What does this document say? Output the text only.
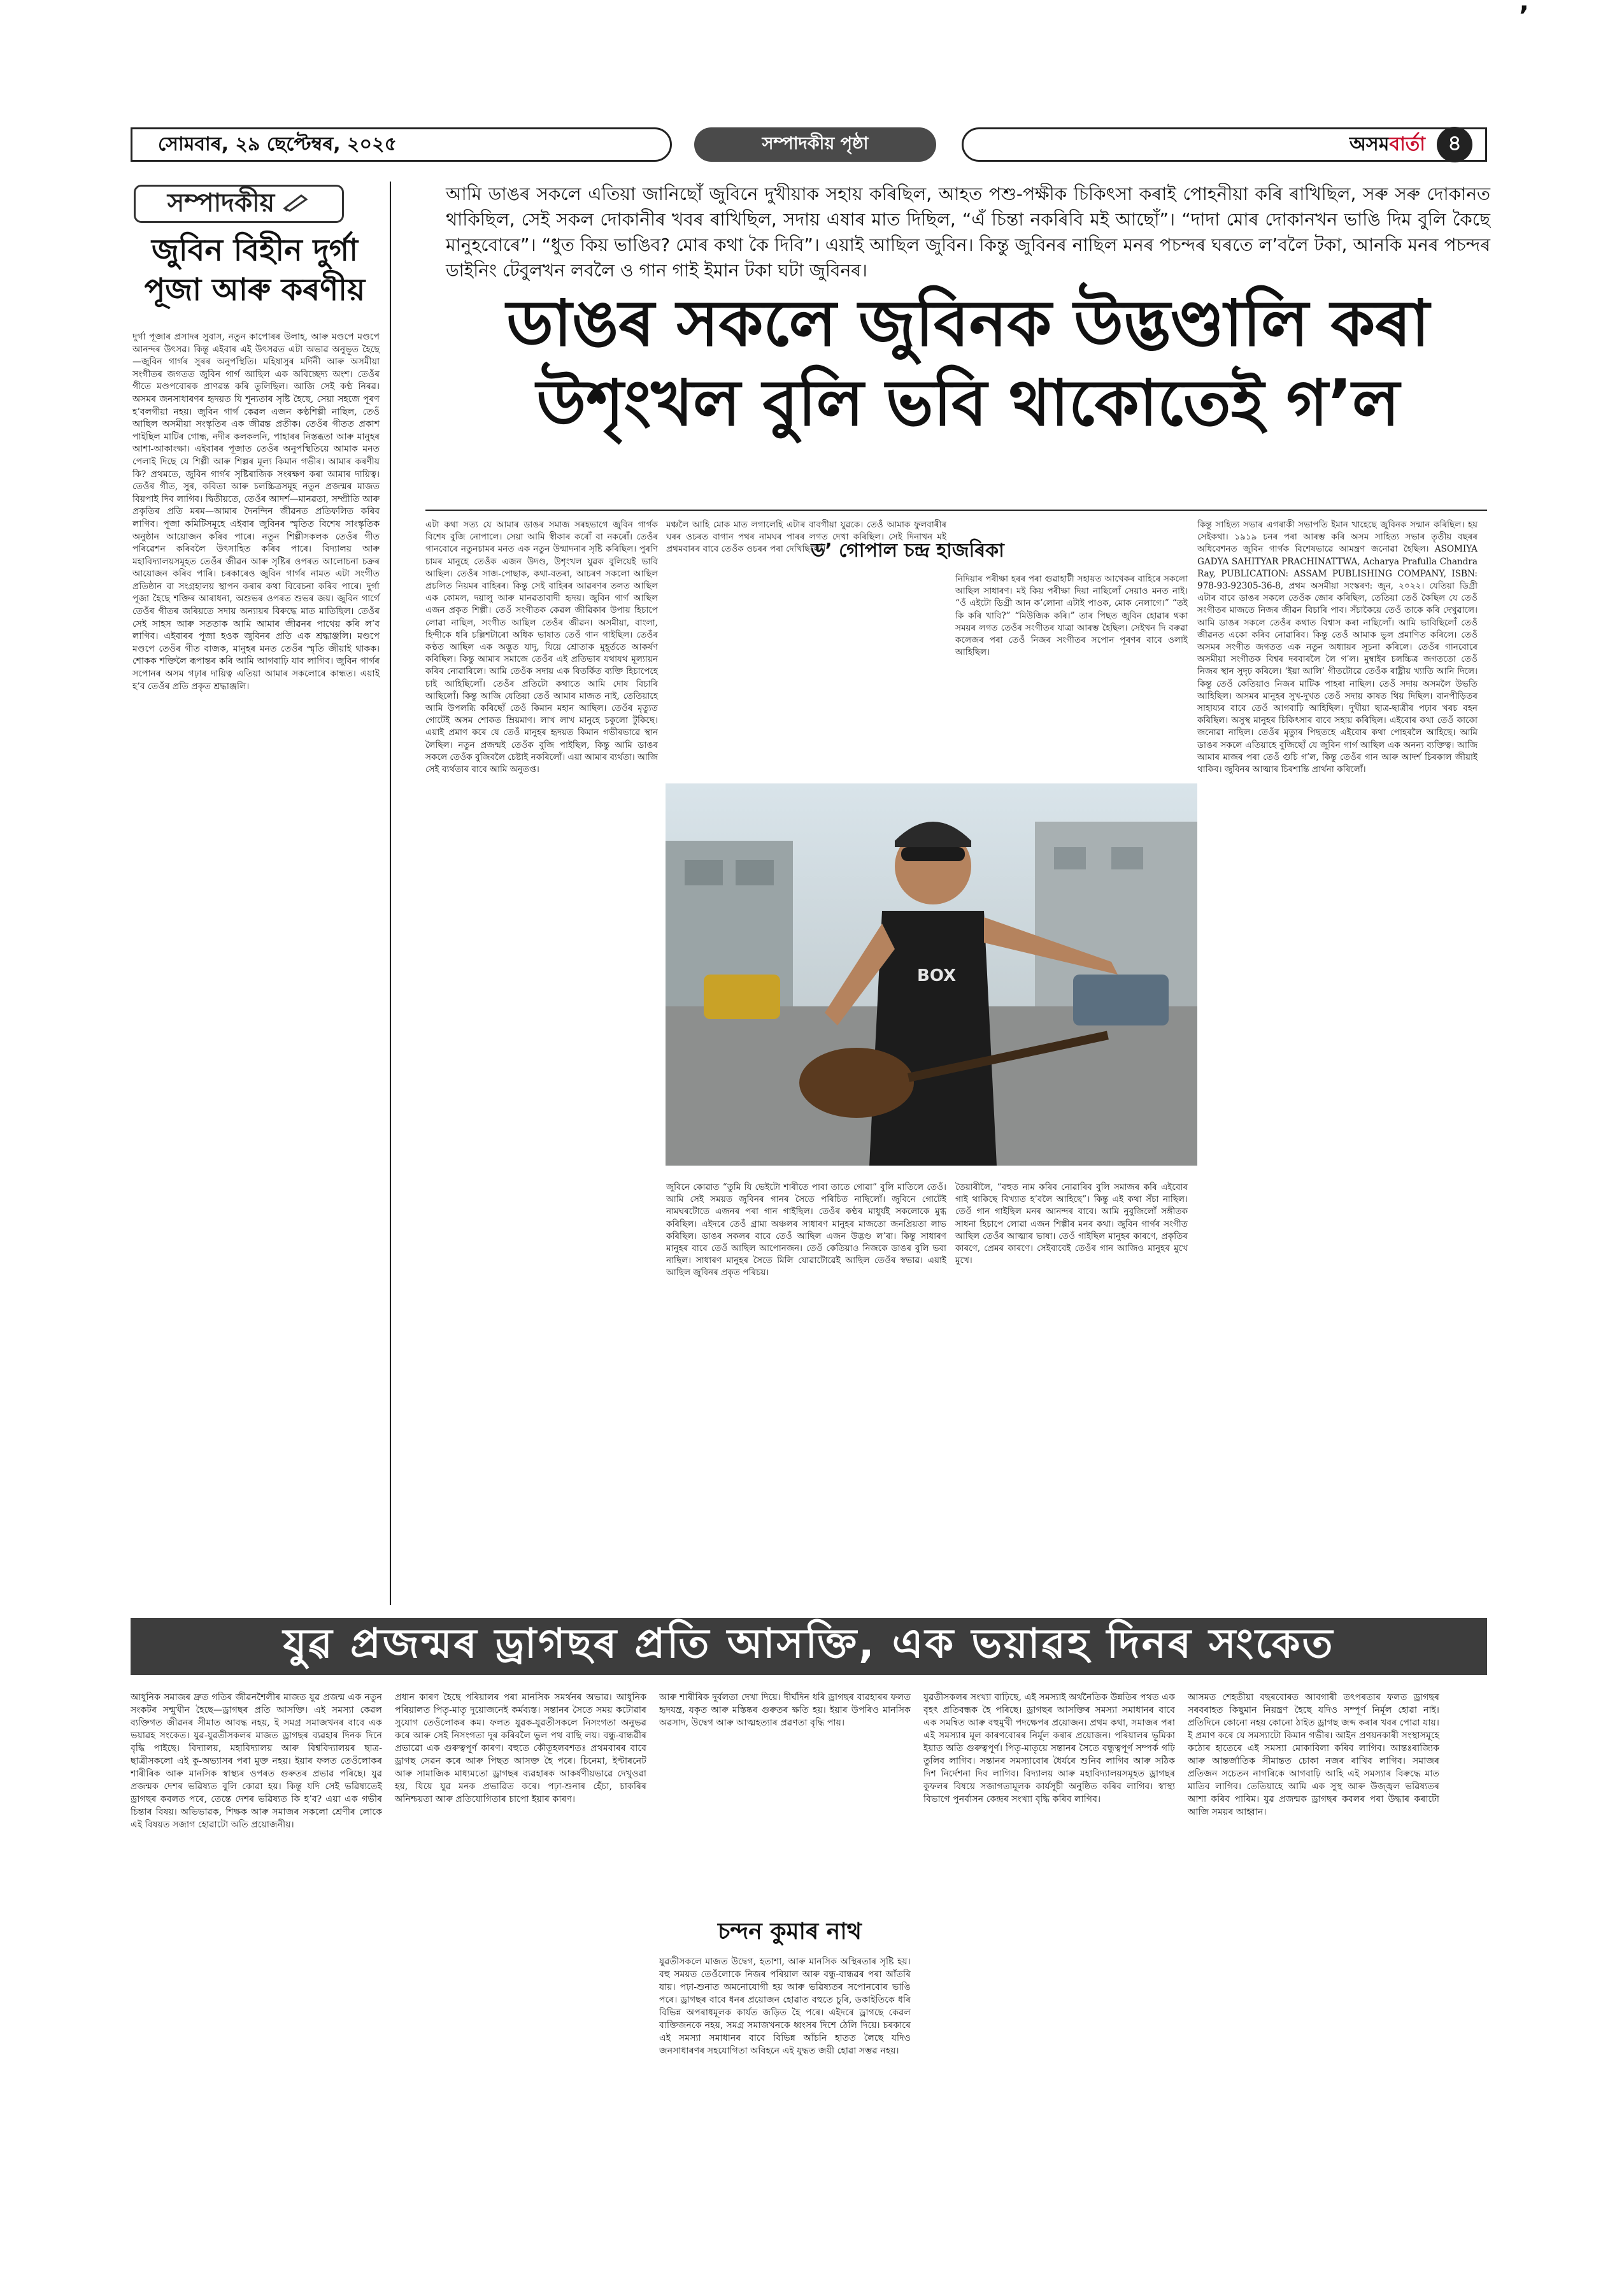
’
সোমবাৰ, ২৯ ছেপ্টেম্বৰ, ২০২৫	সম্পাদকীয় পৃষ্ঠা	অসমবাৰ্তা	৪
সম্পাদকীয়
জুবিন বিহীন দুৰ্গা পূজা আৰু কৰণীয়
দুৰ্গা পূজাৰ প্ৰসাদৰ সুবাস, নতুন কাপোৰৰ উলাহ, আৰু মণ্ডপে মণ্ডপে আনন্দৰ উৎসৱ। কিন্তু এইবাৰ এই উৎসৱত এটা অভাৱ অনুভূত হৈছে—জুবিন গাৰ্গৰ সুৰৰ অনুপস্থিতি। মহিষাসুৰ মৰ্দিনী আৰু অসমীয়া সংগীতৰ জগতত জুবিন গাৰ্গ আছিল এক অবিচ্ছেদ্য অংশ। তেওঁৰ গীতে মণ্ডপবোৰক প্ৰাণৱন্ত কৰি তুলিছিল। আজি সেই কণ্ঠ নিৰৱ। অসমৰ জনসাধাৰণৰ হৃদয়ত যি শূন্যতাৰ সৃষ্টি হৈছে, সেয়া সহজে পূৰণ হ’বলগীয়া নহয়। জুবিন গাৰ্গ কেৱল এজন কণ্ঠশিল্পী নাছিল, তেওঁ আছিল অসমীয়া সংস্কৃতিৰ এক জীৱন্ত প্ৰতীক। তেওঁৰ গীতত প্ৰকাশ পাইছিল মাটিৰ গোন্ধ, নদীৰ কলকলনি, পাহাৰৰ নিস্তব্ধতা আৰু মানুহৰ আশা-আকাংক্ষা। এইবাৰৰ পূজাত তেওঁৰ অনুপস্থিতিয়ে আমাক মনত পেলাই দিছে যে শিল্পী আৰু শিল্পৰ মূল্য কিমান গভীৰ। আমাৰ কৰণীয় কি? প্ৰথমতে, জুবিন গাৰ্গৰ সৃষ্টিৰাজিক সংৰক্ষণ কৰা আমাৰ দায়িত্ব। তেওঁৰ গীত, সুৰ, কবিতা আৰু চলচ্চিত্ৰসমূহ নতুন প্ৰজন্মৰ মাজত বিয়পাই দিব লাগিব। দ্বিতীয়তে, তেওঁৰ আদৰ্শ—মানৱতা, সম্প্ৰীতি আৰু প্ৰকৃতিৰ প্ৰতি মৰম—আমাৰ দৈনন্দিন জীৱনত প্ৰতিফলিত কৰিব লাগিব। পূজা কমিটিসমূহে এইবাৰ জুবিনৰ স্মৃতিত বিশেষ সাংস্কৃতিক অনুষ্ঠান আয়োজন কৰিব পাৰে। নতুন শিল্পীসকলক তেওঁৰ গীত পৰিৱেশন কৰিবলৈ উৎসাহিত কৰিব পাৰে। বিদ্যালয় আৰু মহাবিদ্যালয়সমূহত তেওঁৰ জীৱন আৰু সৃষ্টিৰ ওপৰত আলোচনা চক্ৰৰ আয়োজন কৰিব পাৰি। চৰকাৰেও জুবিন গাৰ্গৰ নামত এটা সংগীত প্ৰতিষ্ঠান বা সংগ্ৰহালয় স্থাপন কৰাৰ কথা বিবেচনা কৰিব পাৰে। দুৰ্গা পূজা হৈছে শক্তিৰ আৰাধনা, অশুভৰ ওপৰত শুভৰ জয়। জুবিন গাৰ্গে তেওঁৰ গীতৰ জৰিয়তে সদায় অন্যায়ৰ বিৰুদ্ধে মাত মাতিছিল। তেওঁৰ সেই সাহস আৰু সততাক আমি আমাৰ জীৱনৰ পাথেয় কৰি ল’ব লাগিব। এইবাৰৰ পূজা হওক জুবিনৰ প্ৰতি এক শ্ৰদ্ধাঞ্জলি। মণ্ডপে মণ্ডপে তেওঁৰ গীত বাজক, মানুহৰ মনত তেওঁৰ স্মৃতি জীয়াই থাকক। শোকক শক্তিলৈ ৰূপান্তৰ কৰি আমি আগবাঢ়ি যাব লাগিব। জুবিন গাৰ্গৰ সপোনৰ অসম গঢ়াৰ দায়িত্ব এতিয়া আমাৰ সকলোৰে কান্ধত। এয়াই হ’ব তেওঁৰ প্ৰতি প্ৰকৃত শ্ৰদ্ধাঞ্জলি।
আমি ডাঙৰ সকলে এতিয়া জানিছোঁ জুবিনে দুখীয়াক সহায় কৰিছিল, আহত পশু-পক্ষীক চিকিৎসা কৰাই পোহনীয়া কৰি ৰাখিছিল, সৰু সৰু দোকানত থাকিছিল, সেই সকল দোকানীৰ খবৰ ৰাখিছিল, সদায় এষাৰ মাত দিছিল, “এঁ চিন্তা নকৰিবি মই আছোঁ”। “দাদা মোৰ দোকানখন ভাঙি দিম বুলি কৈছে মানুহবোৰে”। “ধুত কিয় ভাঙিব? মোৰ কথা কৈ দিবি”। এয়াই আছিল জুবিন। কিন্তু জুবিনৰ নাছিল মনৰ পচন্দৰ ঘৰতে ল’বলৈ টকা, আনকি মনৰ পচন্দৰ ডাইনিং টেবুলখন লবলৈ ও গান গাই ইমান টকা ঘটা জুবিনৰ।
ডাঙৰ সকলে জুবিনক উদ্ভণ্ডালি কৰা উশৃংখল বুলি ভবি থাকোতেই গ’ল
এটা কথা সত্য যে আমাৰ ডাঙৰ সমাজ সৰহভাগে জুবিন গাৰ্গক বিশেষ বুজি নোপালে। সেয়া আমি স্বীকাৰ কৰোঁ বা নকৰোঁ। তেওঁৰ গানবোৰে নতুনচামৰ মনত এক নতুন উন্মাদনাৰ সৃষ্টি কৰিছিল। পুৰণি চামৰ মানুহে তেওঁক এজন উদণ্ড, উশৃংখল যুৱক বুলিয়েই ভাবি আছিল। তেওঁৰ সাজ-পোছাক, কথা-বতৰা, আচৰণ সকলো আছিল প্ৰচলিত নিয়মৰ বাহিৰৰ। কিন্তু সেই বাহিৰৰ আৱৰণৰ তলত আছিল এক কোমল, দয়ালু আৰু মানৱতাবাদী হৃদয়। জুবিন গাৰ্গ আছিল এজন প্ৰকৃত শিল্পী। তেওঁ সংগীতক কেৱল জীৱিকাৰ উপায় হিচাপে লোৱা নাছিল, সংগীত আছিল তেওঁৰ জীৱন। অসমীয়া, বাংলা, হিন্দীকে ধৰি চল্লিশটাৰো অধিক ভাষাত তেওঁ গান গাইছিল। তেওঁৰ কণ্ঠত আছিল এক অদ্ভুত যাদু, যিয়ে শ্ৰোতাক মুহূৰ্ততে আকৰ্ষণ কৰিছিল। কিন্তু আমাৰ সমাজে তেওঁৰ এই প্ৰতিভাৰ যথাযথ মূল্যায়ন কৰিব নোৱাৰিলে। আমি তেওঁক সদায় এক বিতৰ্কিত ব্যক্তি হিচাপেহে চাই আহিছিলোঁ। তেওঁৰ প্ৰতিটো কথাতে আমি দোষ বিচাৰি আছিলোঁ। কিন্তু আজি যেতিয়া তেওঁ আমাৰ মাজত নাই, তেতিয়াহে আমি উপলব্ধি কৰিছোঁ তেওঁ কিমান মহান আছিল। তেওঁৰ মৃত্যুত গোটেই অসম শোকত ম্ৰিয়মাণ। লাখ লাখ মানুহে চকুলো টুকিছে। এয়াই প্ৰমাণ কৰে যে তেওঁ মানুহৰ হৃদয়ত কিমান গভীৰভাৱে স্থান লৈছিল। নতুন প্ৰজন্মই তেওঁক বুজি পাইছিল, কিন্তু আমি ডাঙৰ সকলে তেওঁক বুজিবলৈ চেষ্টাই নকৰিলোঁ। এয়া আমাৰ ব্যৰ্থতা। আজি সেই ব্যৰ্থতাৰ বাবে আমি অনুতপ্ত।
মঞ্চলৈ আহি মোক মাত লগালেহি এটাৰ বাবগীয়া যুৱকে। তেওঁ আমাক ফুলবাৰীৰ ঘৰৰ ওচৰত বাগান পথৰ নামঘৰ পাৰৰ লগত দেখা কৰিছিল। সেই দিনাখন মই প্ৰথমবাৰৰ বাবে তেওঁক ওচৰৰ পৰা দেখিছিলোঁ।
ড’ গোপাল চন্দ্ৰ হাজৰিকা
নিদিয়াৰ পৰীক্ষা হৰৰ পৰা গুৱাহাটী সহায়ত আখেকৰ বাহিৰে সকলো আছিল সাধাৰণ। মই কিয় পৰীক্ষা দিয়া নাছিলোঁ সেয়াও মনত নাই। “ওঁ এইটো ডিগ্ৰী আন ক’লোনা এটাই পাওক, মোক নেলাগে।” “তই কি কৰি খাবি?” “মিউজিক কৰি।” তাৰ পিছত জুবিন হোৱাৰ থকা সময়ৰ লগত তেওঁৰ সংগীতৰ যাত্ৰা আৰম্ভ হৈছিল। সেইখন দি বৰুৱা কলেজৰ পৰা তেওঁ নিজৰ সংগীতৰ সপোন পূৰণৰ বাবে ওলাই আহিছিল।
কিন্তু সাহিত্য সভাৰ এগৰাকী সভাপতি ইমান খাহেছে জুবিনক সন্মান কৰিছিল। হয় সেইকথা। ১৯১৯ চনৰ পৰা আৰম্ভ কৰি অসম সাহিত্য সভাৰ তৃতীয় বছৰৰ অধিবেশনত জুবিন গাৰ্গক বিশেষভাৱে আমন্ত্ৰণ জনোৱা হৈছিল। ASOMIYA GADYA SAHITYAR PRACHINATTWA, Acharya Prafulla Chandra Ray, PUBLICATION: ASSAM PUBLISHING COMPANY, ISBN: 978-93-92305-36-8, প্ৰথম অসমীয়া সংস্কৰণ: জুন, ২০২২। যেতিয়া ডিগ্ৰী এটাৰ বাবে ডাঙৰ সকলে তেওঁক জোৰ কৰিছিল, তেতিয়া তেওঁ কৈছিল যে তেওঁ সংগীতৰ মাজতে নিজৰ জীৱন বিচাৰি পাব। সঁচাকৈয়ে তেওঁ তাকে কৰি দেখুৱালে। আমি ডাঙৰ সকলে তেওঁৰ কথাত বিশ্বাস কৰা নাছিলোঁ। আমি ভাবিছিলোঁ তেওঁ জীৱনত একো কৰিব নোৱাৰিব। কিন্তু তেওঁ আমাক ভুল প্ৰমাণিত কৰিলে। তেওঁ অসমৰ সংগীত জগতত এক নতুন অধ্যায়ৰ সূচনা কৰিলে। তেওঁৰ গানবোৰে অসমীয়া সংগীতক বিশ্বৰ দৰবাৰলৈ লৈ গ’ল। মুম্বাইৰ চলচ্চিত্ৰ জগততো তেওঁ নিজৰ স্থান সুদৃঢ় কৰিলে। ‘ইয়া আলি’ গীতটোৱে তেওঁক ৰাষ্ট্ৰীয় খ্যাতি আনি দিলে। কিন্তু তেওঁ কেতিয়াও নিজৰ মাটিক পাহৰা নাছিল। তেওঁ সদায় অসমলৈ উভতি আহিছিল। অসমৰ মানুহৰ সুখ-দুখত তেওঁ সদায় কাষত থিয় দিছিল। বানপীড়িতৰ সাহায্যৰ বাবে তেওঁ আগবাঢ়ি আহিছিল। দুখীয়া ছাত্ৰ-ছাত্ৰীৰ পঢ়াৰ খৰচ বহন কৰিছিল। অসুস্থ মানুহৰ চিকিৎসাৰ বাবে সহায় কৰিছিল। এইবোৰ কথা তেওঁ কাকো জনোৱা নাছিল। তেওঁৰ মৃত্যুৰ পিছতহে এইবোৰ কথা পোহৰলৈ আহিছে। আমি ডাঙৰ সকলে এতিয়াহে বুজিছোঁ যে জুবিন গাৰ্গ আছিল এক অনন্য ব্যক্তিত্ব। আজি আমাৰ মাজৰ পৰা তেওঁ গুচি গ’ল, কিন্তু তেওঁৰ গান আৰু আদৰ্শ চিৰকাল জীয়াই থাকিব। জুবিনৰ আত্মাৰ চিৰশান্তি প্ৰাৰ্থনা কৰিলোঁ।
BOX
জুবিনে কোৱাত “তুমি যি ভেইটো শাৰীতে পাবা তাতে গোৱা” বুলি মাতিলে তেওঁ। আমি সেই সময়ত জুবিনৰ গানৰ সৈতে পৰিচিত নাছিলোঁ। জুবিনে গোটেই নামঘৰটোতে এজনৰ পৰা গান গাইছিল। তেওঁৰ কণ্ঠৰ মাধুৰ্যই সকলোকে মুগ্ধ কৰিছিল। এইদৰে তেওঁ গ্ৰাম্য অঞ্চলৰ সাধাৰণ মানুহৰ মাজতো জনপ্ৰিয়তা লাভ কৰিছিল। ডাঙৰ সকলৰ বাবে তেওঁ আছিল এজন উদ্ভণ্ড ল’ৰা। কিন্তু সাধাৰণ মানুহৰ বাবে তেওঁ আছিল আপোনজন। তেওঁ কেতিয়াও নিজকে ডাঙৰ বুলি ভবা নাছিল। সাধাৰণ মানুহৰ সৈতে মিলি যোৱাটোৱেই আছিল তেওঁৰ স্বভাৱ। এয়াই আছিল জুবিনৰ প্ৰকৃত পৰিচয়।
তৈয়াৰীলৈ, “বহুত নাম কৰিব নোৱাৰিব বুলি সমাজৰ কৰি এইবোৰ গাই থাকিছে বিখ্যাত হ’বলৈ আহিছে”। কিন্তু এই কথা সঁচা নাছিল। তেওঁ গান গাইছিল মনৰ আনন্দৰ বাবে। আমি নুবুজিলোঁ সঙ্গীতক সাধনা হিচাপে লোৱা এজন শিল্পীৰ মনৰ কথা। জুবিন গাৰ্গৰ সংগীত আছিল তেওঁৰ আত্মাৰ ভাষা। তেওঁ গাইছিল মানুহৰ কাৰণে, প্ৰকৃতিৰ কাৰণে, প্ৰেমৰ কাৰণে। সেইবাবেই তেওঁৰ গান আজিও মানুহৰ মুখে মুখে।
যুৱ প্ৰজন্মৰ ড্ৰাগছৰ প্ৰতি আসক্তি, এক ভয়াৱহ দিনৰ সংকেত
আধুনিক সমাজৰ দ্ৰুত গতিৰ জীৱনশৈলীৰ মাজত যুৱ প্ৰজন্ম এক নতুন সংকটৰ সন্মুখীন হৈছে—ড্ৰাগছৰ প্ৰতি আসক্তি। এই সমস্যা কেৱল ব্যক্তিগত জীৱনৰ সীমাত আবদ্ধ নহয়, ই সমগ্ৰ সমাজখনৰ বাবে এক ভয়াৱহ সংকেত। যুৱ-যুৱতীসকলৰ মাজত ড্ৰাগছৰ ব্যৱহাৰ দিনক দিনে বৃদ্ধি পাইছে। বিদ্যালয়, মহাবিদ্যালয় আৰু বিশ্ববিদ্যালয়ৰ ছাত্ৰ-ছাত্ৰীসকলো এই কু-অভ্যাসৰ পৰা মুক্ত নহয়। ইয়াৰ ফলত তেওঁলোকৰ শাৰীৰিক আৰু মানসিক স্বাস্থ্যৰ ওপৰত গুৰুতৰ প্ৰভাৱ পৰিছে। যুৱ প্ৰজন্মক দেশৰ ভৱিষ্যত বুলি কোৱা হয়। কিন্তু যদি সেই ভৱিষ্যতেই ড্ৰাগছৰ কবলত পৰে, তেন্তে দেশৰ ভৱিষ্যত কি হ’ব? এয়া এক গভীৰ চিন্তাৰ বিষয়। অভিভাৱক, শিক্ষক আৰু সমাজৰ সকলো শ্ৰেণীৰ লোকে এই বিষয়ত সজাগ হোৱাটো অতি প্ৰয়োজনীয়।
প্ৰধান কাৰণ হৈছে পৰিয়ালৰ পৰা মানসিক সমৰ্থনৰ অভাৱ। আধুনিক পৰিয়ালত পিতৃ-মাতৃ দুয়োজনেই কৰ্মব্যস্ত। সন্তানৰ সৈতে সময় কটোৱাৰ সুযোগ তেওঁলোকৰ কম। ফলত যুৱক-যুৱতীসকলে নিসংগতা অনুভৱ কৰে আৰু সেই নিসংগতা দূৰ কৰিবলৈ ভুল পথ বাছি লয়। বন্ধু-বান্ধৱীৰ প্ৰভাৱো এক গুৰুত্বপূৰ্ণ কাৰণ। বহুতে কৌতূহলবশতঃ প্ৰথমবাৰৰ বাবে ড্ৰাগছ সেৱন কৰে আৰু পিছত আসক্ত হৈ পৰে। চিনেমা, ইণ্টাৰনেট আৰু সামাজিক মাধ্যমতো ড্ৰাগছৰ ব্যৱহাৰক আকৰ্ষণীয়ভাৱে দেখুওৱা হয়, যিয়ে যুৱ মনক প্ৰভাৱিত কৰে। পঢ়া-শুনাৰ হেঁচা, চাকৰিৰ অনিশ্চয়তা আৰু প্ৰতিযোগিতাৰ চাপো ইয়াৰ কাৰণ।
আৰু শাৰীৰিক দুৰ্বলতা দেখা দিয়ে। দীৰ্ঘদিন ধৰি ড্ৰাগছৰ ব্যৱহাৰৰ ফলত হৃদযন্ত্ৰ, যকৃত আৰু মস্তিষ্কৰ গুৰুতৰ ক্ষতি হয়। ইয়াৰ উপৰিও মানসিক অৱসাদ, উদ্বেগ আৰু আত্মহত্যাৰ প্ৰৱণতা বৃদ্ধি পায়।
চন্দন কুমাৰ নাথ
যুৱতীসকলে মাজত উদ্বেগ, হতাশা, আৰু মানসিক অস্থিৰতাৰ সৃষ্টি হয়। বহু সময়ত তেওঁলোকে নিজৰ পৰিয়াল আৰু বন্ধু-বান্ধৱৰ পৰা আঁতৰি যায়। পঢ়া-শুনাত অমনোযোগী হয় আৰু ভৱিষ্যতৰ সপোনবোৰ ভাঙি পৰে। ড্ৰাগছৰ বাবে ধনৰ প্ৰয়োজন হোৱাত বহুতে চুৰি, ডকাইতিকে ধৰি বিভিন্ন অপৰাধমূলক কাৰ্যত জড়িত হৈ পৰে। এইদৰে ড্ৰাগছে কেৱল ব্যক্তিজনকে নহয়, সমগ্ৰ সমাজখনকে ধ্বংসৰ দিশে ঠেলি দিয়ে। চৰকাৰে এই সমস্যা সমাধানৰ বাবে বিভিন্ন আঁচনি হাতত লৈছে যদিও জনসাধাৰণৰ সহযোগিতা অবিহনে এই যুদ্ধত জয়ী হোৱা সম্ভৱ নহয়।
যুৱতীসকলৰ সংখ্যা বাঢ়িছে, এই সমস্যাই অৰ্থনৈতিক উন্নতিৰ পথত এক বৃহৎ প্ৰতিবন্ধক হৈ পৰিছে। ড্ৰাগছৰ আসক্তিৰ সমস্যা সমাধানৰ বাবে এক সমন্বিত আৰু বহুমুখী পদক্ষেপৰ প্ৰয়োজন। প্ৰথম কথা, সমাজৰ পৰা এই সমস্যাৰ মূল কাৰণবোৰৰ নিৰ্মূল কৰাৰ প্ৰয়োজন। পৰিয়ালৰ ভূমিকা ইয়াত অতি গুৰুত্বপূৰ্ণ। পিতৃ-মাতৃয়ে সন্তানৰ সৈতে বন্ধুত্বপূৰ্ণ সম্পৰ্ক গঢ়ি তুলিব লাগিব। সন্তানৰ সমস্যাবোৰ ধৈৰ্যৰে শুনিব লাগিব আৰু সঠিক দিশ নিৰ্দেশনা দিব লাগিব। বিদ্যালয় আৰু মহাবিদ্যালয়সমূহত ড্ৰাগছৰ কুফলৰ বিষয়ে সজাগতামূলক কাৰ্যসূচী অনুষ্ঠিত কৰিব লাগিব। স্বাস্থ্য বিভাগে পুনৰ্বাসন কেন্দ্ৰৰ সংখ্যা বৃদ্ধি কৰিব লাগিব।
আসমত শেহতীয়া বছৰবোৰত আবগাৰী তৎপৰতাৰ ফলত ড্ৰাগছৰ সৰবৰাহত কিছুমান নিয়ন্ত্ৰণ হৈছে যদিও সম্পূৰ্ণ নিৰ্মূল হোৱা নাই। প্ৰতিদিনে কোনো নহয় কোনো ঠাইত ড্ৰাগছ জব্দ কৰাৰ খবৰ পোৱা যায়। ই প্ৰমাণ কৰে যে সমস্যাটো কিমান গভীৰ। আইন প্ৰণয়নকাৰী সংস্থাসমূহে কঠোৰ হাতেৰে এই সমস্যা মোকাবিলা কৰিব লাগিব। আন্তঃৰাজ্যিক আৰু আন্তৰ্জাতিক সীমান্তত চোকা নজৰ ৰাখিব লাগিব। সমাজৰ প্ৰতিজন সচেতন নাগৰিকে আগবাঢ়ি আহি এই সমস্যাৰ বিৰুদ্ধে মাত মাতিব লাগিব। তেতিয়াহে আমি এক সুস্থ আৰু উজ্জ্বল ভৱিষ্যতৰ আশা কৰিব পাৰিম। যুৱ প্ৰজন্মক ড্ৰাগছৰ কবলৰ পৰা উদ্ধাৰ কৰাটো আজি সময়ৰ আহ্বান।
